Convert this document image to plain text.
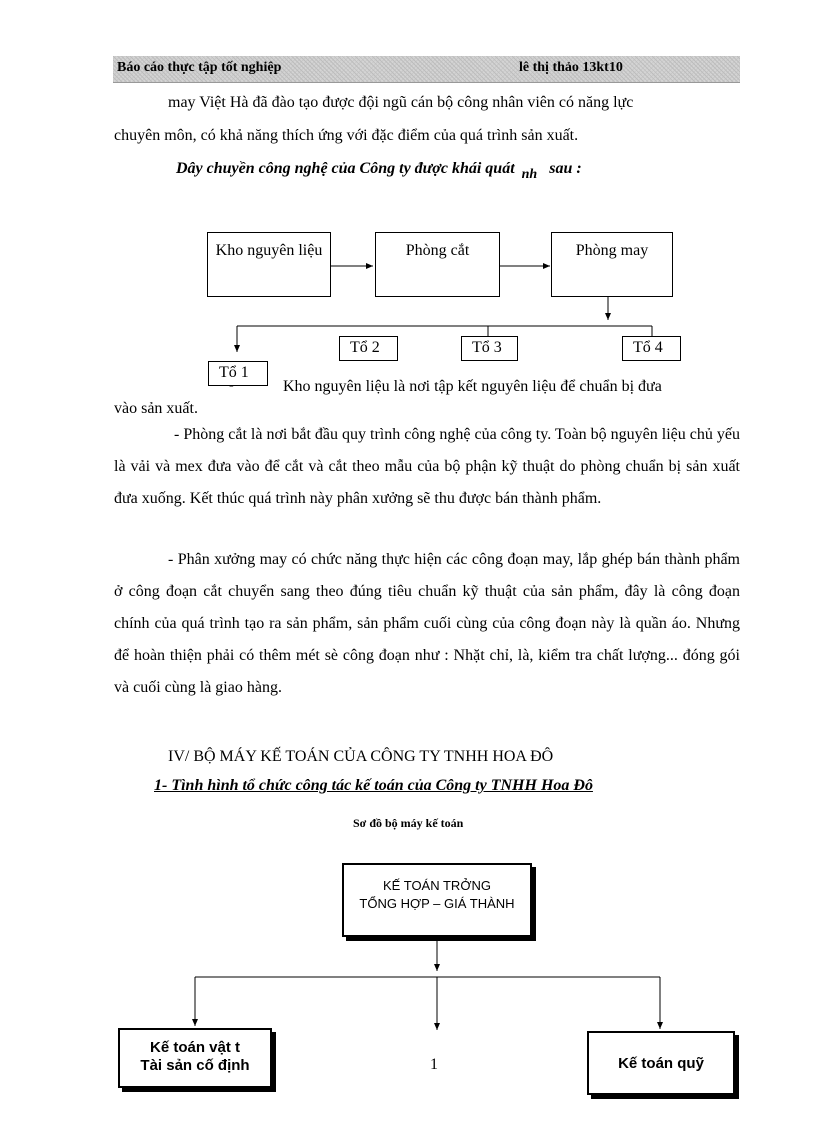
Báo cáo thực tập tốt nghiệp	lê thị thảo 13kt10
may Việt Hà đã đào tạo được đội ngũ cán bộ công nhân viên có năng lực
chuyên môn, có khả năng thích ứng với đặc điểm của quá trình sản xuất.
Dây chuyền công nghệ của Công ty được khái quát nh sau :
Kho nguyên liệu	Phòng cắt	Phòng may
Tổ 1
Tổ 2	Tổ 3	Tổ 4
-	Kho nguyên liệu là nơi tập kết nguyên liệu để chuẩn bị đưa
vào sản xuất.
- Phòng cắt là nơi bắt đầu quy trình công nghệ của công ty. Toàn bộ nguyên liệu chủ yếu là vải và mex đưa vào để cắt và cắt theo mẫu của bộ phận kỹ thuật do phòng chuẩn bị sản xuất đưa xuống. Kết thúc quá trình này phân xưởng sẽ thu được bán thành phẩm.
- Phân xưởng may có chức năng thực hiện các công đoạn may, lắp ghép bán thành phẩm ở công đoạn cắt chuyển sang theo đúng tiêu chuẩn kỹ thuật của sản phẩm, đây là công đoạn chính của quá trình tạo ra sản phẩm, sản phẩm cuối cùng của công đoạn này là quần áo. Nhưng để hoàn thiện phải có thêm mét sè công đoạn như : Nhặt chỉ, là, kiểm tra chất lượng... đóng gói và cuối cùng là giao hàng.
IV/ BỘ MÁY KẾ TOÁN CỦA CÔNG TY TNHH HOA ĐÔ
1- Tình hình tổ chức công tác kế toán của Công ty TNHH Hoa Đô
Sơ đồ bộ máy kế toán
KẾ TOÁN TRỞNG
TỔNG HỢP – GIÁ THÀNH
Kế toán vật t
Tài sản cố định	Kế toán quỹ
1
